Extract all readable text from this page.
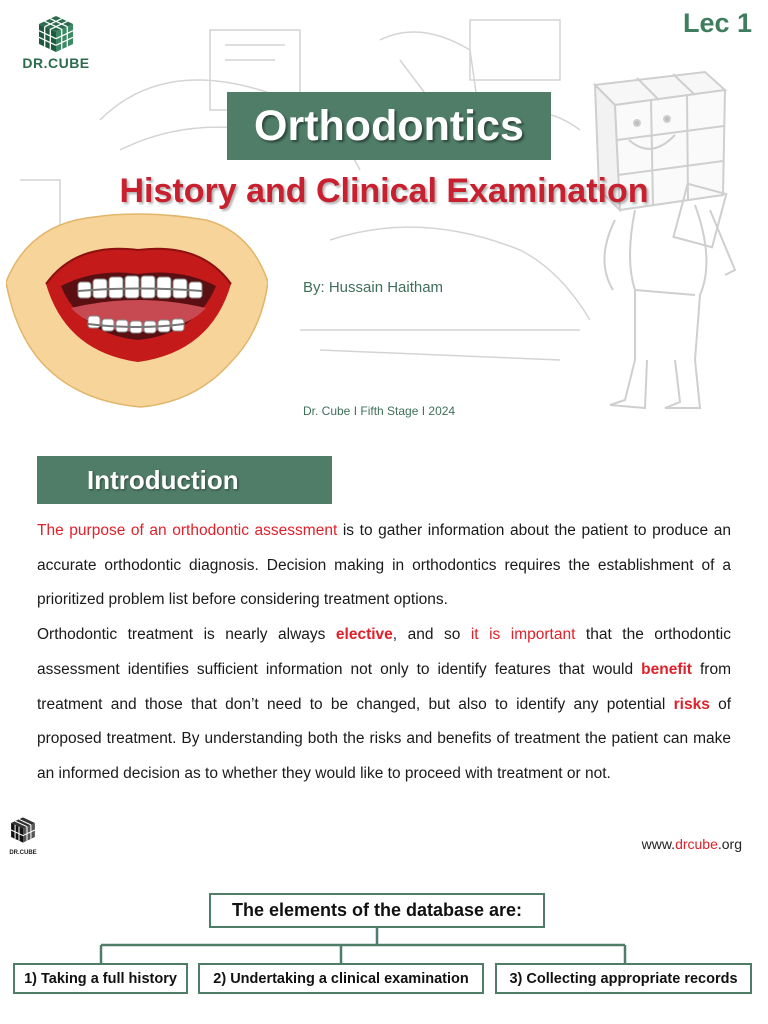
DR.CUBE
Lec 1
Orthodontics
History and Clinical Examination
By: Hussain Haitham
Dr. Cube I Fifth Stage I 2024
Introduction

The purpose of an orthodontic assessment is to gather information about the patient to produce an accurate orthodontic diagnosis. Decision making in orthodontics requires the establishment of a prioritized problem list before considering treatment options.

Orthodontic treatment is nearly always elective, and so it is important that the orthodontic assessment identifies sufficient information not only to identify features that would benefit from treatment and those that don’t need to be changed, but also to identify any potential risks of proposed treatment. By understanding both the risks and benefits of treatment the patient can make an informed decision as to whether they would like to proceed with treatment or not.

DR.CUBE
www.drcube.org
The elements of the database are:
1) Taking a full history	2) Undertaking a clinical examination	3) Collecting appropriate records
